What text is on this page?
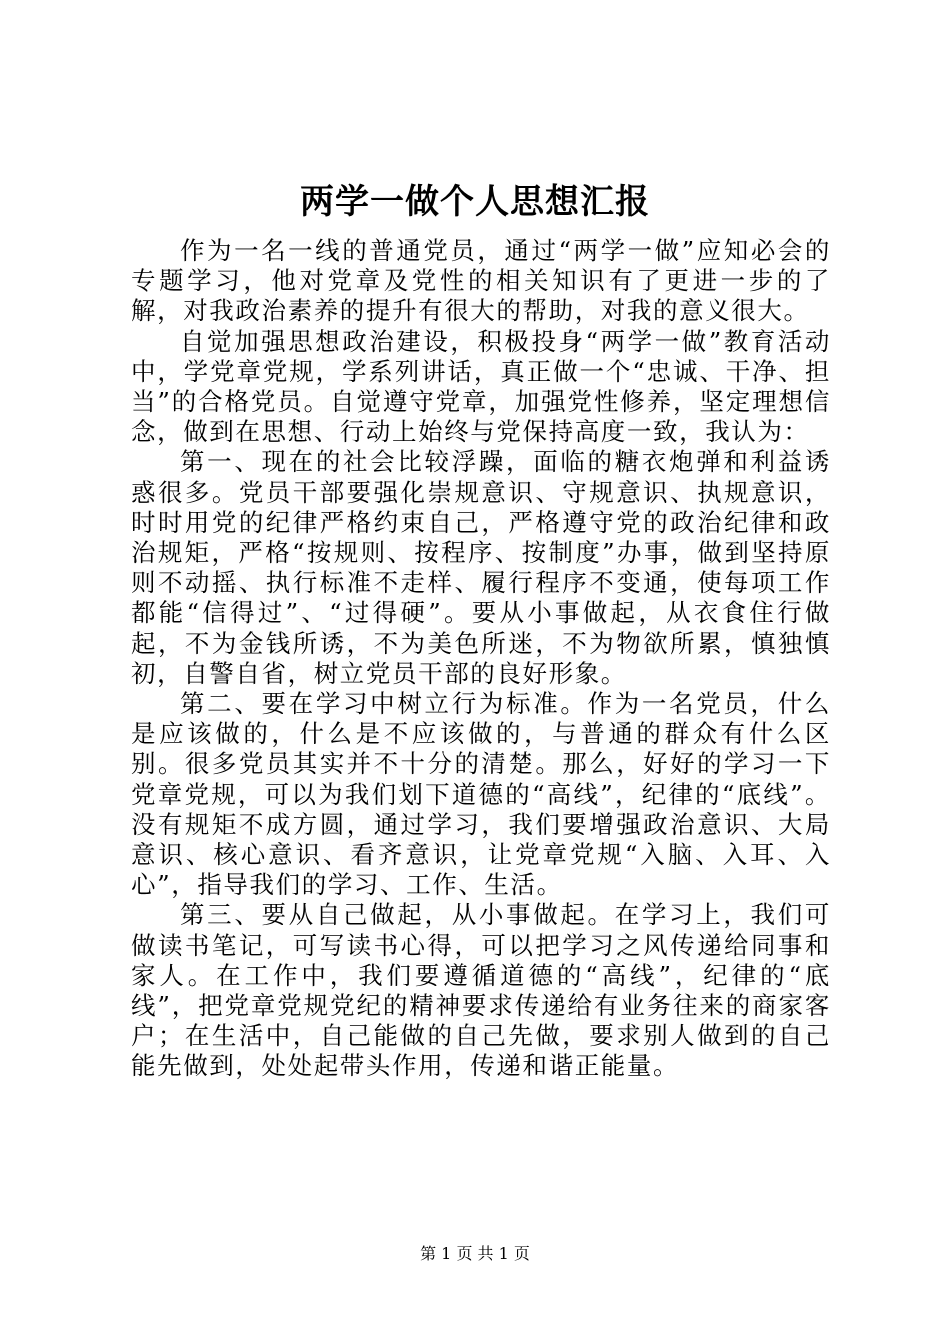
两学一做个人思想汇报

作为一名一线的普通党员，通过“两学一做”应知必会的专题学习，他对党章及党性的相关知识有了更进一步的了解，对我政治素养的提升有很大的帮助，对我的意义很大。

自觉加强思想政治建设，积极投身“两学一做”教育活动中，学党章党规，学系列讲话，真正做一个“忠诚、干净、担当”的合格党员。自觉遵守党章，加强党性修养，坚定理想信念，做到在思想、行动上始终与党保持高度一致，我认为：

第一、现在的社会比较浮躁，面临的糖衣炮弹和利益诱惑很多。党员干部要强化崇规意识、守规意识、执规意识，时时用党的纪律严格约束自己，严格遵守党的政治纪律和政治规矩，严格“按规则、按程序、按制度”办事，做到坚持原则不动摇、执行标准不走样、履行程序不变通，使每项工作都能“信得过”、“过得硬”。要从小事做起，从衣食住行做起，不为金钱所诱，不为美色所迷，不为物欲所累，慎独慎初，自警自省，树立党员干部的良好形象。

第二、要在学习中树立行为标准。作为一名党员，什么是应该做的，什么是不应该做的，与普通的群众有什么区别。很多党员其实并不十分的清楚。那么，好好的学习一下党章党规，可以为我们划下道德的“高线”，纪律的“底线”。没有规矩不成方圆，通过学习，我们要增强政治意识、大局意识、核心意识、看齐意识，让党章党规“入脑、入耳、入心”，指导我们的学习、工作、生活。

第三、要从自己做起，从小事做起。在学习上，我们可做读书笔记，可写读书心得，可以把学习之风传递给同事和家人。在工作中，我们要遵循道德的“高线”，纪律的“底线”，把党章党规党纪的精神要求传递给有业务往来的商家客户；在生活中，自己能做的自己先做，要求别人做到的自己能先做到，处处起带头作用，传递和谐正能量。

第 1 页 共 1 页
